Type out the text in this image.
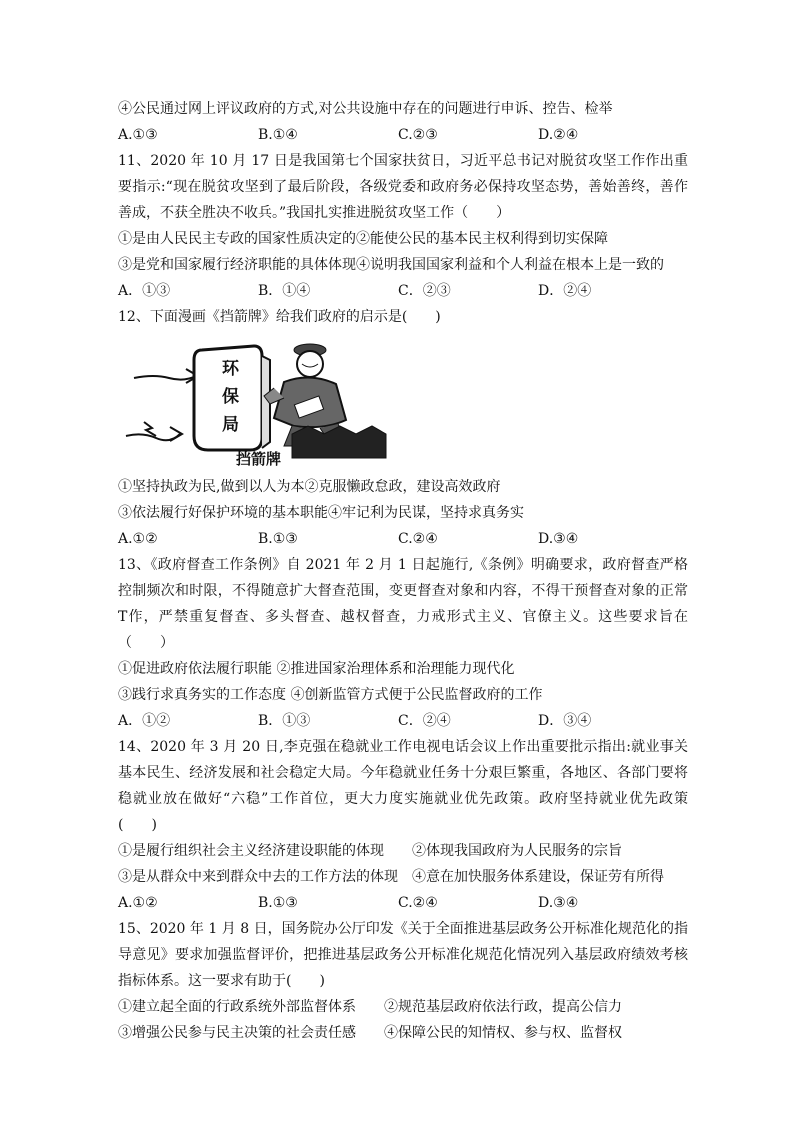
④公民通过网上评议政府的方式,对公共设施中存在的问题进行申诉、控告、检举
A.①③	B.①④	C.②③	D.②④
11、2020 年 10 月 17 日是我国第七个国家扶贫日，习近平总书记对脱贫攻坚工作作出重要指示:“现在脱贫攻坚到了最后阶段，各级党委和政府务必保持攻坚态势，善始善终，善作善成，不获全胜决不收兵。”我国扎实推进脱贫攻坚工作（　　）
①是由人民民主专政的国家性质决定的②能使公民的基本民主权利得到切实保障
③是党和国家履行经济职能的具体体现④说明我国国家利益和个人利益在根本上是一致的
A．①③	B．①④	C．②③	D．②④
12、下面漫画《挡箭牌》给我们政府的启示是(　　)
环
保
局
挡箭牌
①坚持执政为民,做到以人为本②克服懒政怠政，建设高效政府
③依法履行好保护环境的基本职能④牢记利为民谋，坚持求真务实
A.①②	B.①③	C.②④	D.③④
13、《政府督查工作条例》自 2021 年 2 月 1 日起施行,《条例》明确要求，政府督查严格控制频次和时限，不得随意扩大督查范围，变更督查对象和内容，不得干预督查对象的正常 T作，严禁重复督查、多头督查、越权督查，力戒形式主义、官僚主义。这些要求旨在（　　）
①促进政府依法履行职能 ②推进国家治理体系和治理能力现代化
③践行求真务实的工作态度 ④创新监管方式便于公民监督政府的工作
A．①②	B．①③	C．②④	D．③④
14、2020 年 3 月 20 日,李克强在稳就业工作电视电话会议上作出重要批示指出:就业事关基本民生、经济发展和社会稳定大局。今年稳就业任务十分艰巨繁重，各地区、各部门要将稳就业放在做好“六稳”工作首位，更大力度实施就业优先政策。政府坚持就业优先政策(　　)
①是履行组织社会主义经济建设职能的体现　　②体现我国政府为人民服务的宗旨
③是从群众中来到群众中去的工作方法的体现　④意在加快服务体系建设，保证劳有所得
A.①②	B.①③	C.②④	D.③④
15、2020 年 1 月 8 日，国务院办公厅印发《关于全面推进基层政务公开标准化规范化的指导意见》要求加强监督评价，把推进基层政务公开标准化规范化情况列入基层政府绩效考核指标体系。这一要求有助于(　　)
①建立起全面的行政系统外部监督体系　　②规范基层政府依法行政，提高公信力
③增强公民参与民主决策的社会责任感　　④保障公民的知情权、参与权、监督权
